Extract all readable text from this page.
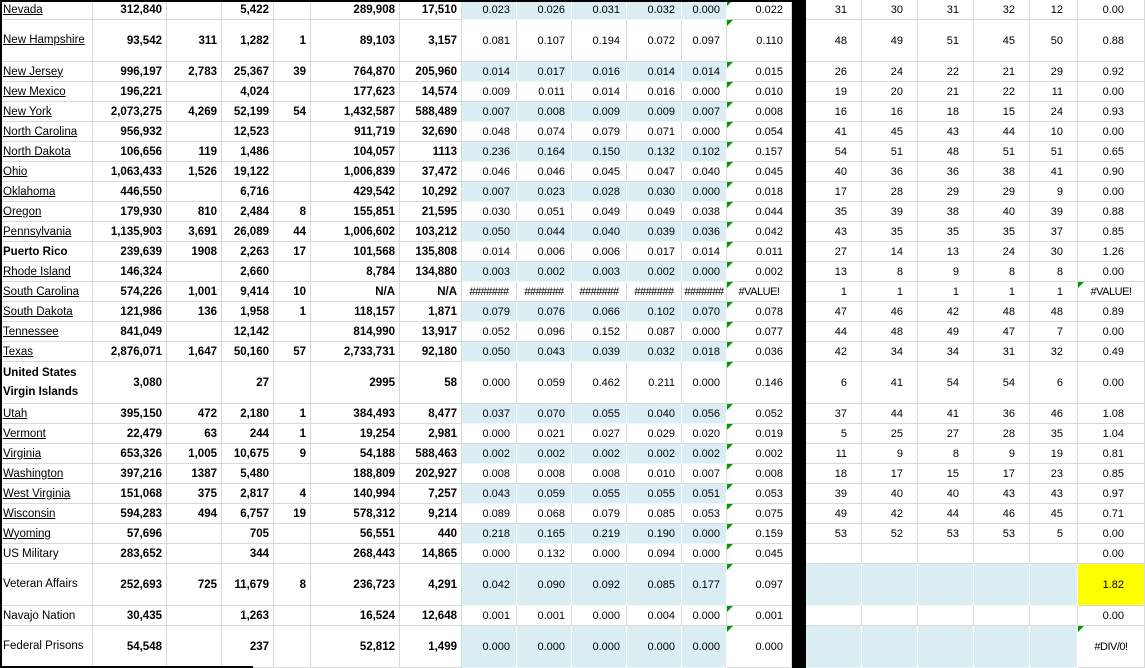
Nevada	312,840		5,422		289,908	17,510	0.023	0.026	0.031	0.032	0.000	0.022		31	30	31	32	12	0.00
New Hampshire	93,542	311	1,282	1	89,103	3,157	0.081	0.107	0.194	0.072	0.097	0.110		48	49	51	45	50	0.88
New Jersey	996,197	2,783	25,367	39	764,870	205,960	0.014	0.017	0.016	0.014	0.014	0.015		26	24	22	21	29	0.92
New Mexico	196,221		4,024		177,623	14,574	0.009	0.011	0.014	0.016	0.000	0.010		19	20	21	22	11	0.00
New York	2,073,275	4,269	52,199	54	1,432,587	588,489	0.007	0.008	0.009	0.009	0.007	0.008		16	16	18	15	24	0.93
North Carolina	956,932		12,523		911,719	32,690	0.048	0.074	0.079	0.071	0.000	0.054		41	45	43	44	10	0.00
North Dakota	106,656	119	1,486		104,057	1113	0.236	0.164	0.150	0.132	0.102	0.157		54	51	48	51	51	0.65
Ohio	1,063,433	1,526	19,122		1,006,839	37,472	0.046	0.046	0.045	0.047	0.040	0.045		40	36	36	38	41	0.90
Oklahoma	446,550		6,716		429,542	10,292	0.007	0.023	0.028	0.030	0.000	0.018		17	28	29	29	9	0.00
Oregon	179,930	810	2,484	8	155,851	21,595	0.030	0.051	0.049	0.049	0.038	0.044		35	39	38	40	39	0.88
Pennsylvania	1,135,903	3,691	26,089	44	1,006,602	103,212	0.050	0.044	0.040	0.039	0.036	0.042		43	35	35	35	37	0.85
Puerto Rico	239,639	1908	2,263	17	101,568	135,808	0.014	0.006	0.006	0.017	0.014	0.011		27	14	13	24	30	1.26
Rhode Island	146,324		2,660		8,784	134,880	0.003	0.002	0.003	0.002	0.000	0.002		13	8	9	8	8	0.00
South Carolina	574,226	1,001	9,414	10	N/A	N/A	#######	#######	#######	#######	#######	#VALUE!		1	1	1	1	1	#VALUE!

South Dakota	121,986	136	1,958	1	118,157	1,871	0.079	0.076	0.066	0.102	0.070	0.078		47	46	42	48	48	0.89
Tennessee	841,049		12,142		814,990	13,917	0.052	0.096	0.152	0.087	0.000	0.077		44	48	49	47	7	0.00
Texas	2,876,071	1,647	50,160	57	2,733,731	92,180	0.050	0.043	0.039	0.032	0.018	0.036		42	34	34	31	32	0.49
United States Virgin Islands	3,080		27		2995	58	0.000	0.059	0.462	0.211	0.000	0.146		6	41	54	54	6	0.00
Utah	395,150	472	2,180	1	384,493	8,477	0.037	0.070	0.055	0.040	0.056	0.052		37	44	41	36	46	1.08
Vermont	22,479	63	244	1	19,254	2,981	0.000	0.021	0.027	0.029	0.020	0.019		5	25	27	28	35	1.04
Virginia	653,326	1,005	10,675	9	54,188	588,463	0.002	0.002	0.002	0.002	0.002	0.002		11	9	8	9	19	0.81
Washington	397,216	1387	5,480		188,809	202,927	0.008	0.008	0.008	0.010	0.007	0.008		18	17	15	17	23	0.85
West Virginia	151,068	375	2,817	4	140,994	7,257	0.043	0.059	0.055	0.055	0.051	0.053		39	40	40	43	43	0.97
Wisconsin	594,283	494	6,757	19	578,312	9,214	0.089	0.068	0.079	0.085	0.053	0.075		49	42	44	46	45	0.71
Wyoming	57,696		705		56,551	440	0.218	0.165	0.219	0.190	0.000	0.159		53	52	53	53	5	0.00
US Military	283,652		344		268,443	14,865	0.000	0.132	0.000	0.094	0.000	0.045							0.00
Veteran Affairs	252,693	725	11,679	8	236,723	4,291	0.042	0.090	0.092	0.085	0.177	0.097							1.82
Navajo Nation	30,435		1,263		16,524	12,648	0.001	0.001	0.000	0.004	0.000	0.001							0.00
Federal Prisons	54,548		237		52,812	1,499	0.000	0.000	0.000	0.000	0.000	0.000							#DIV/0!
